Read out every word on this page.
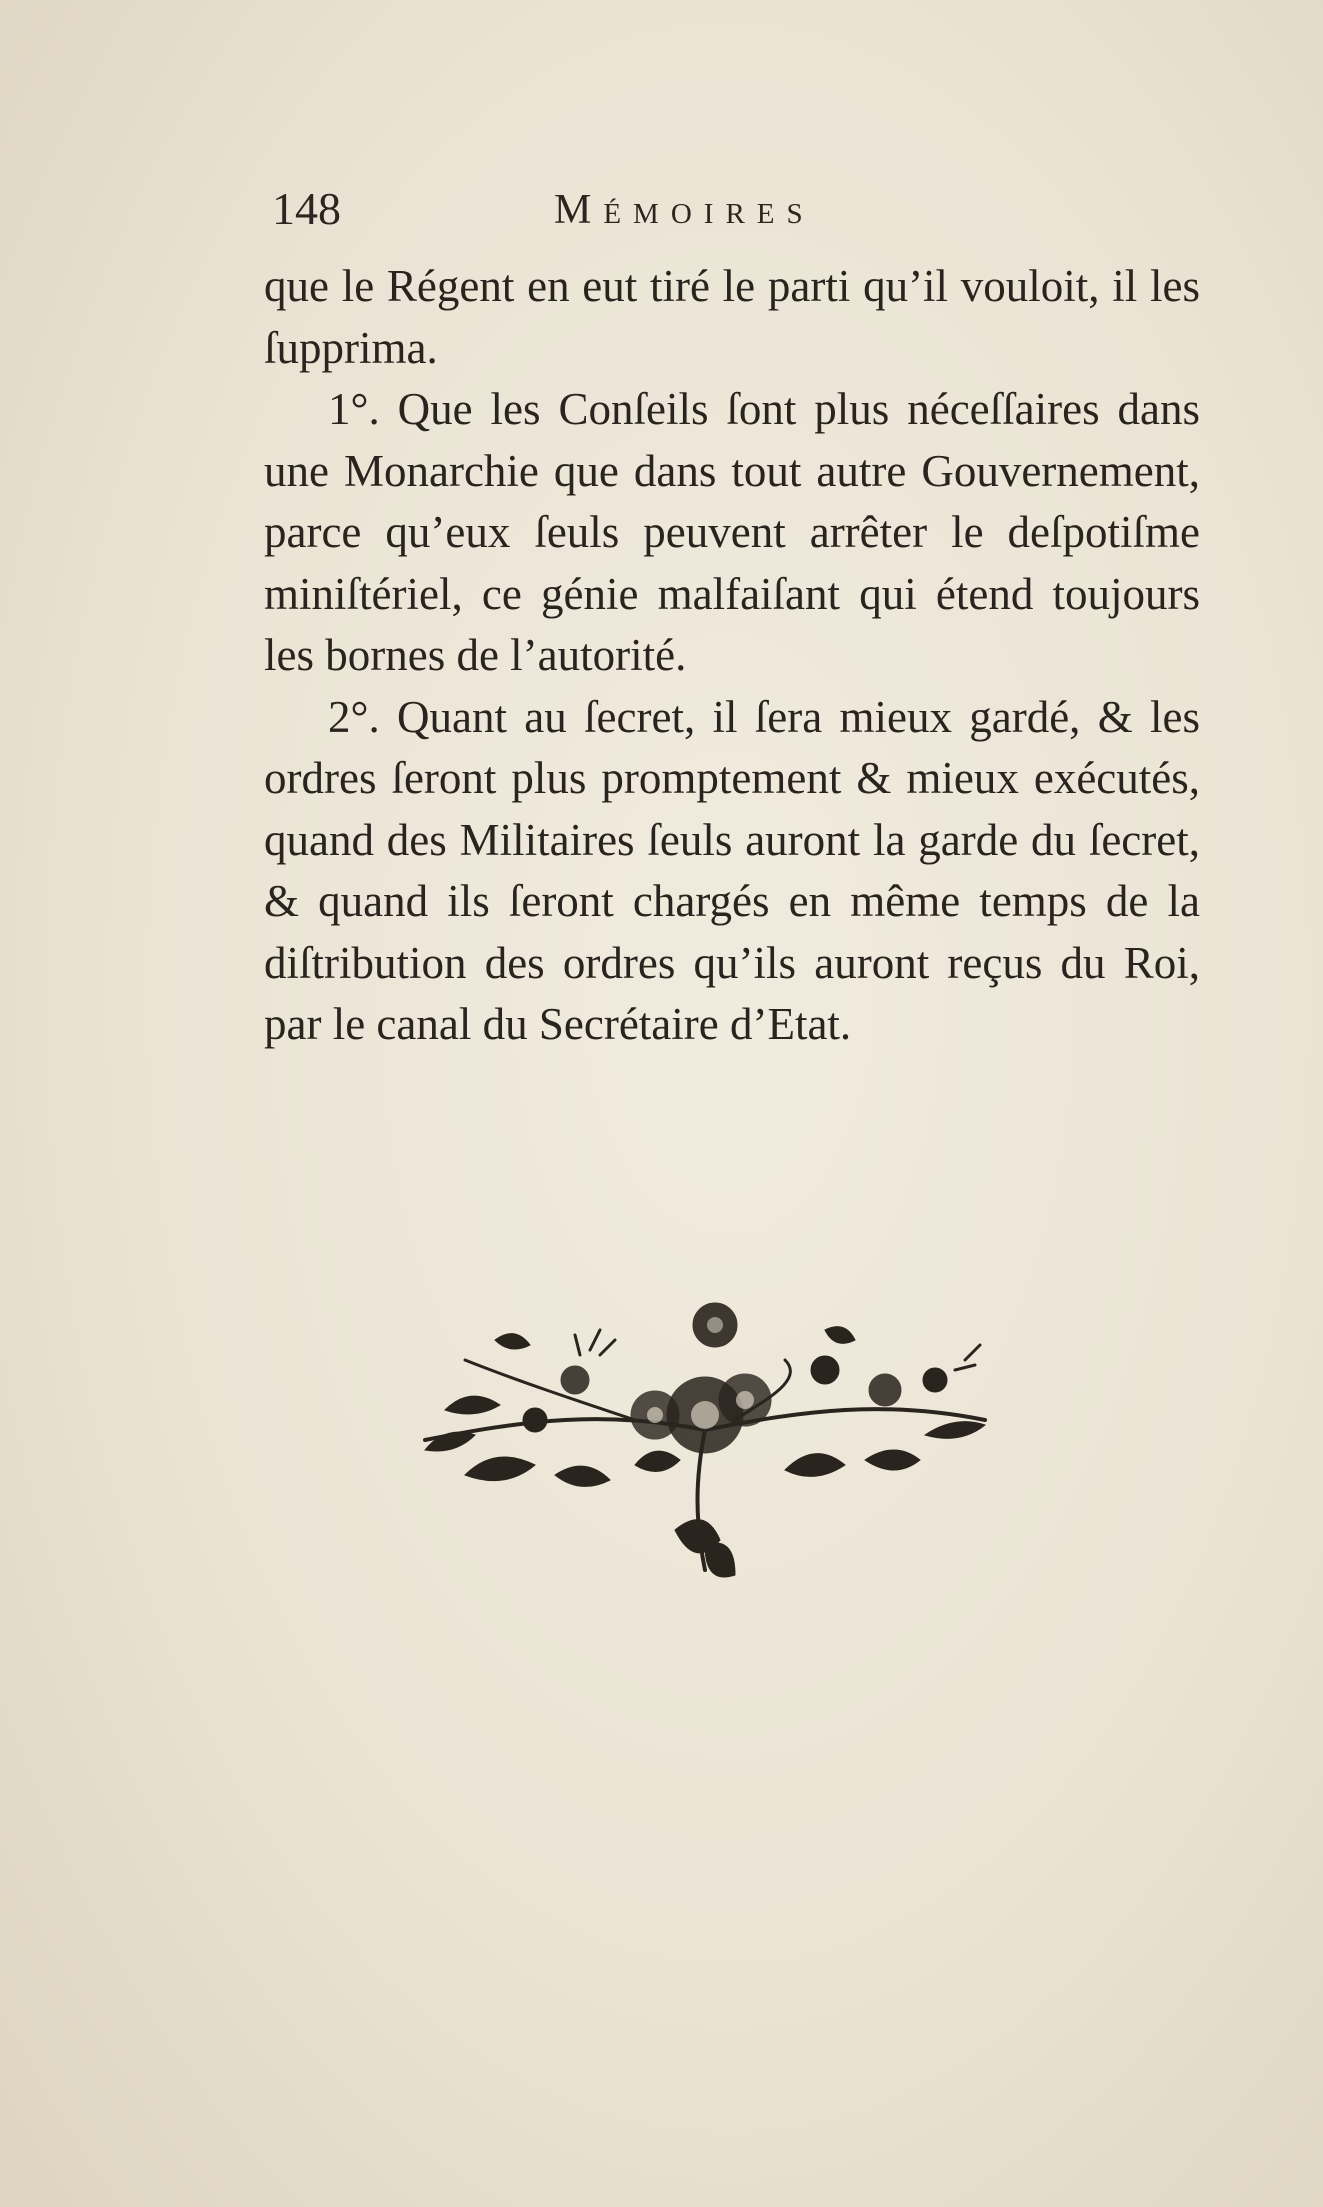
148	Mémoires

que le Régent en eut tiré le parti qu’il vouloit, il les ſupprima.

1°. Que les Conſeils ſont plus néceſſaires dans une Monarchie que dans tout autre Gouvernement, parce qu’eux ſeuls peuvent arrêter le deſpotiſme miniſtériel, ce génie malfaiſant qui étend toujours les bornes de l’autorité.

2°. Quant au ſecret, il ſera mieux gardé, & les ordres ſeront plus promptement & mieux exécutés, quand des Militaires ſeuls auront la garde du ſecret, & quand ils ſeront chargés en même temps de la diſtribution des ordres qu’ils auront reçus du Roi, par le canal du Secrétaire d’Etat.
